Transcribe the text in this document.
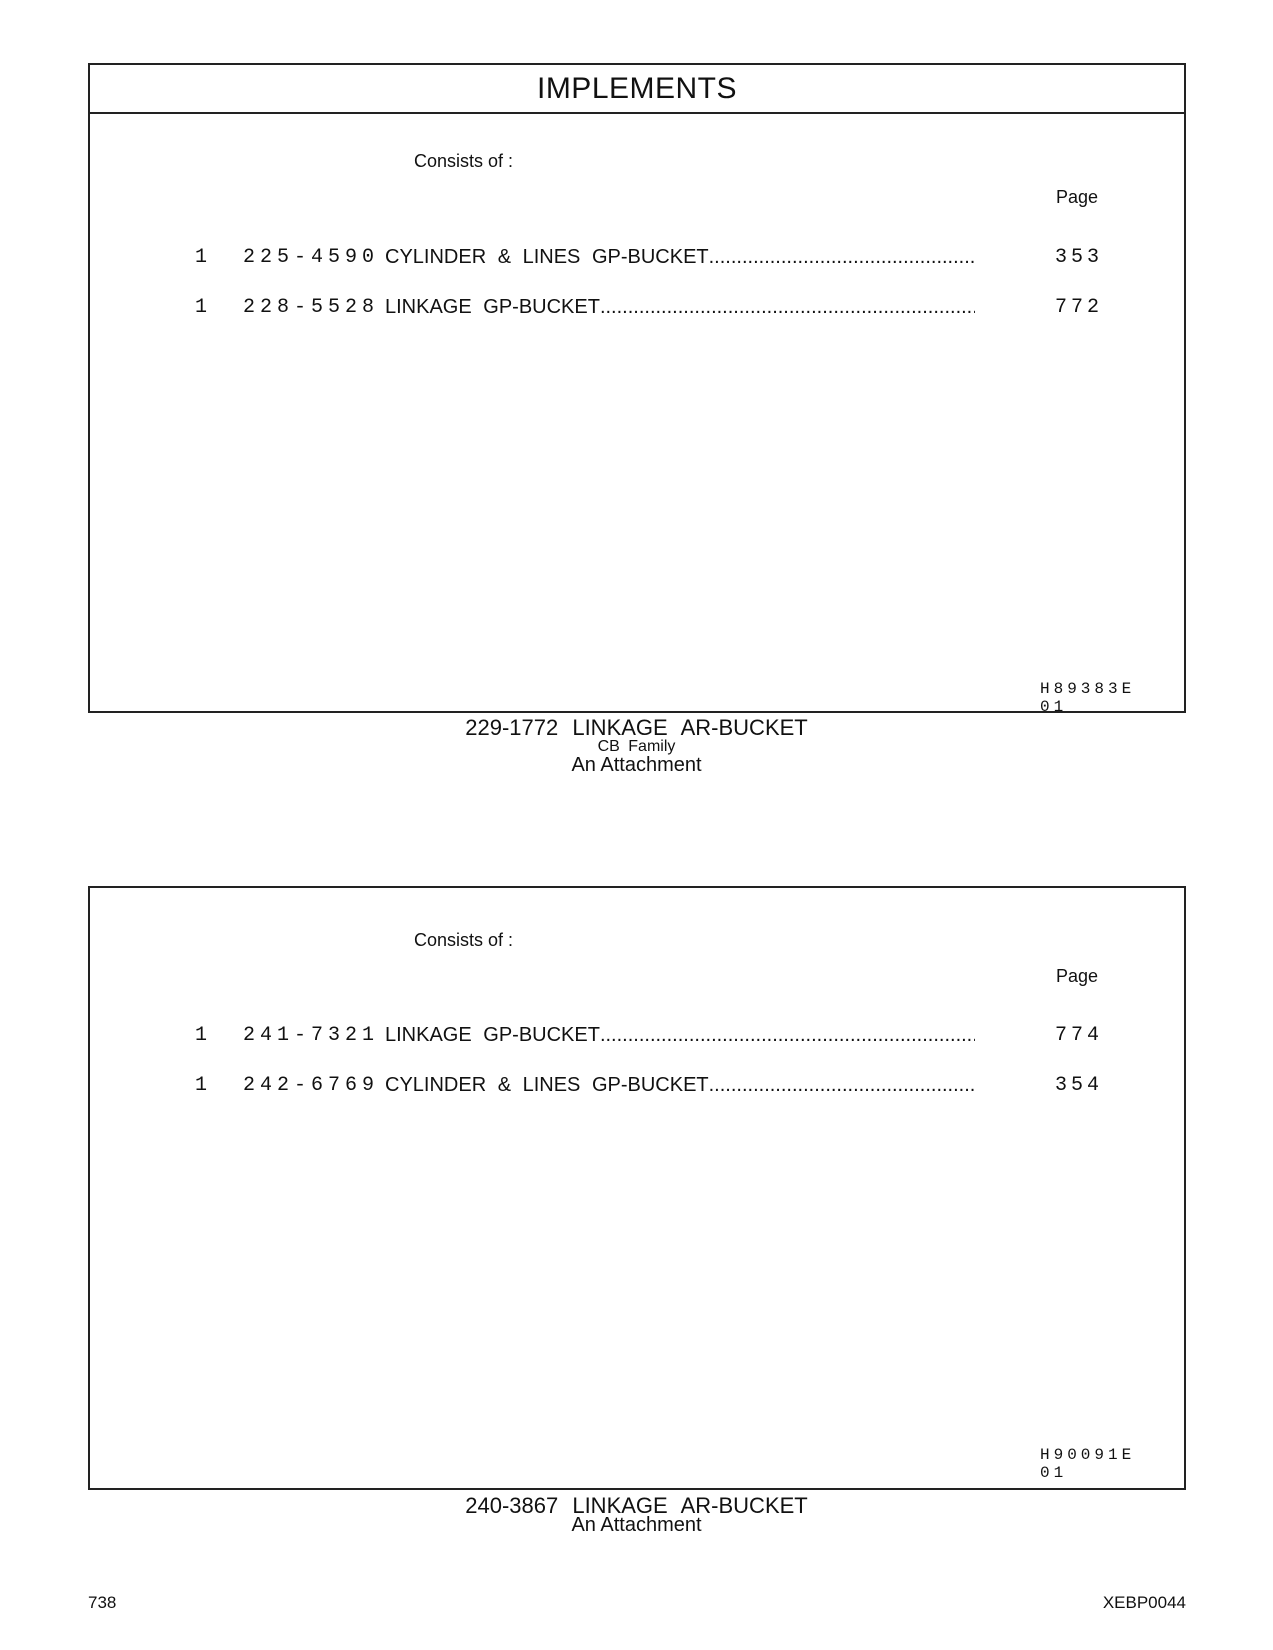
IMPLEMENTS
Consists of :
Page
1 225-4590 CYLINDER & LINES GP-BUCKET .....	353
1 228-5528 LINKAGE GP-BUCKET .....	772
H89383E 01
229-1772 LINKAGE AR-BUCKET
CB Family
An Attachment
Consists of :
Page
1 241-7321 LINKAGE GP-BUCKET .....	774
1 242-6769 CYLINDER & LINES GP-BUCKET .....	354
H90091E 01
240-3867 LINKAGE AR-BUCKET
An Attachment
738	XEBP0044
